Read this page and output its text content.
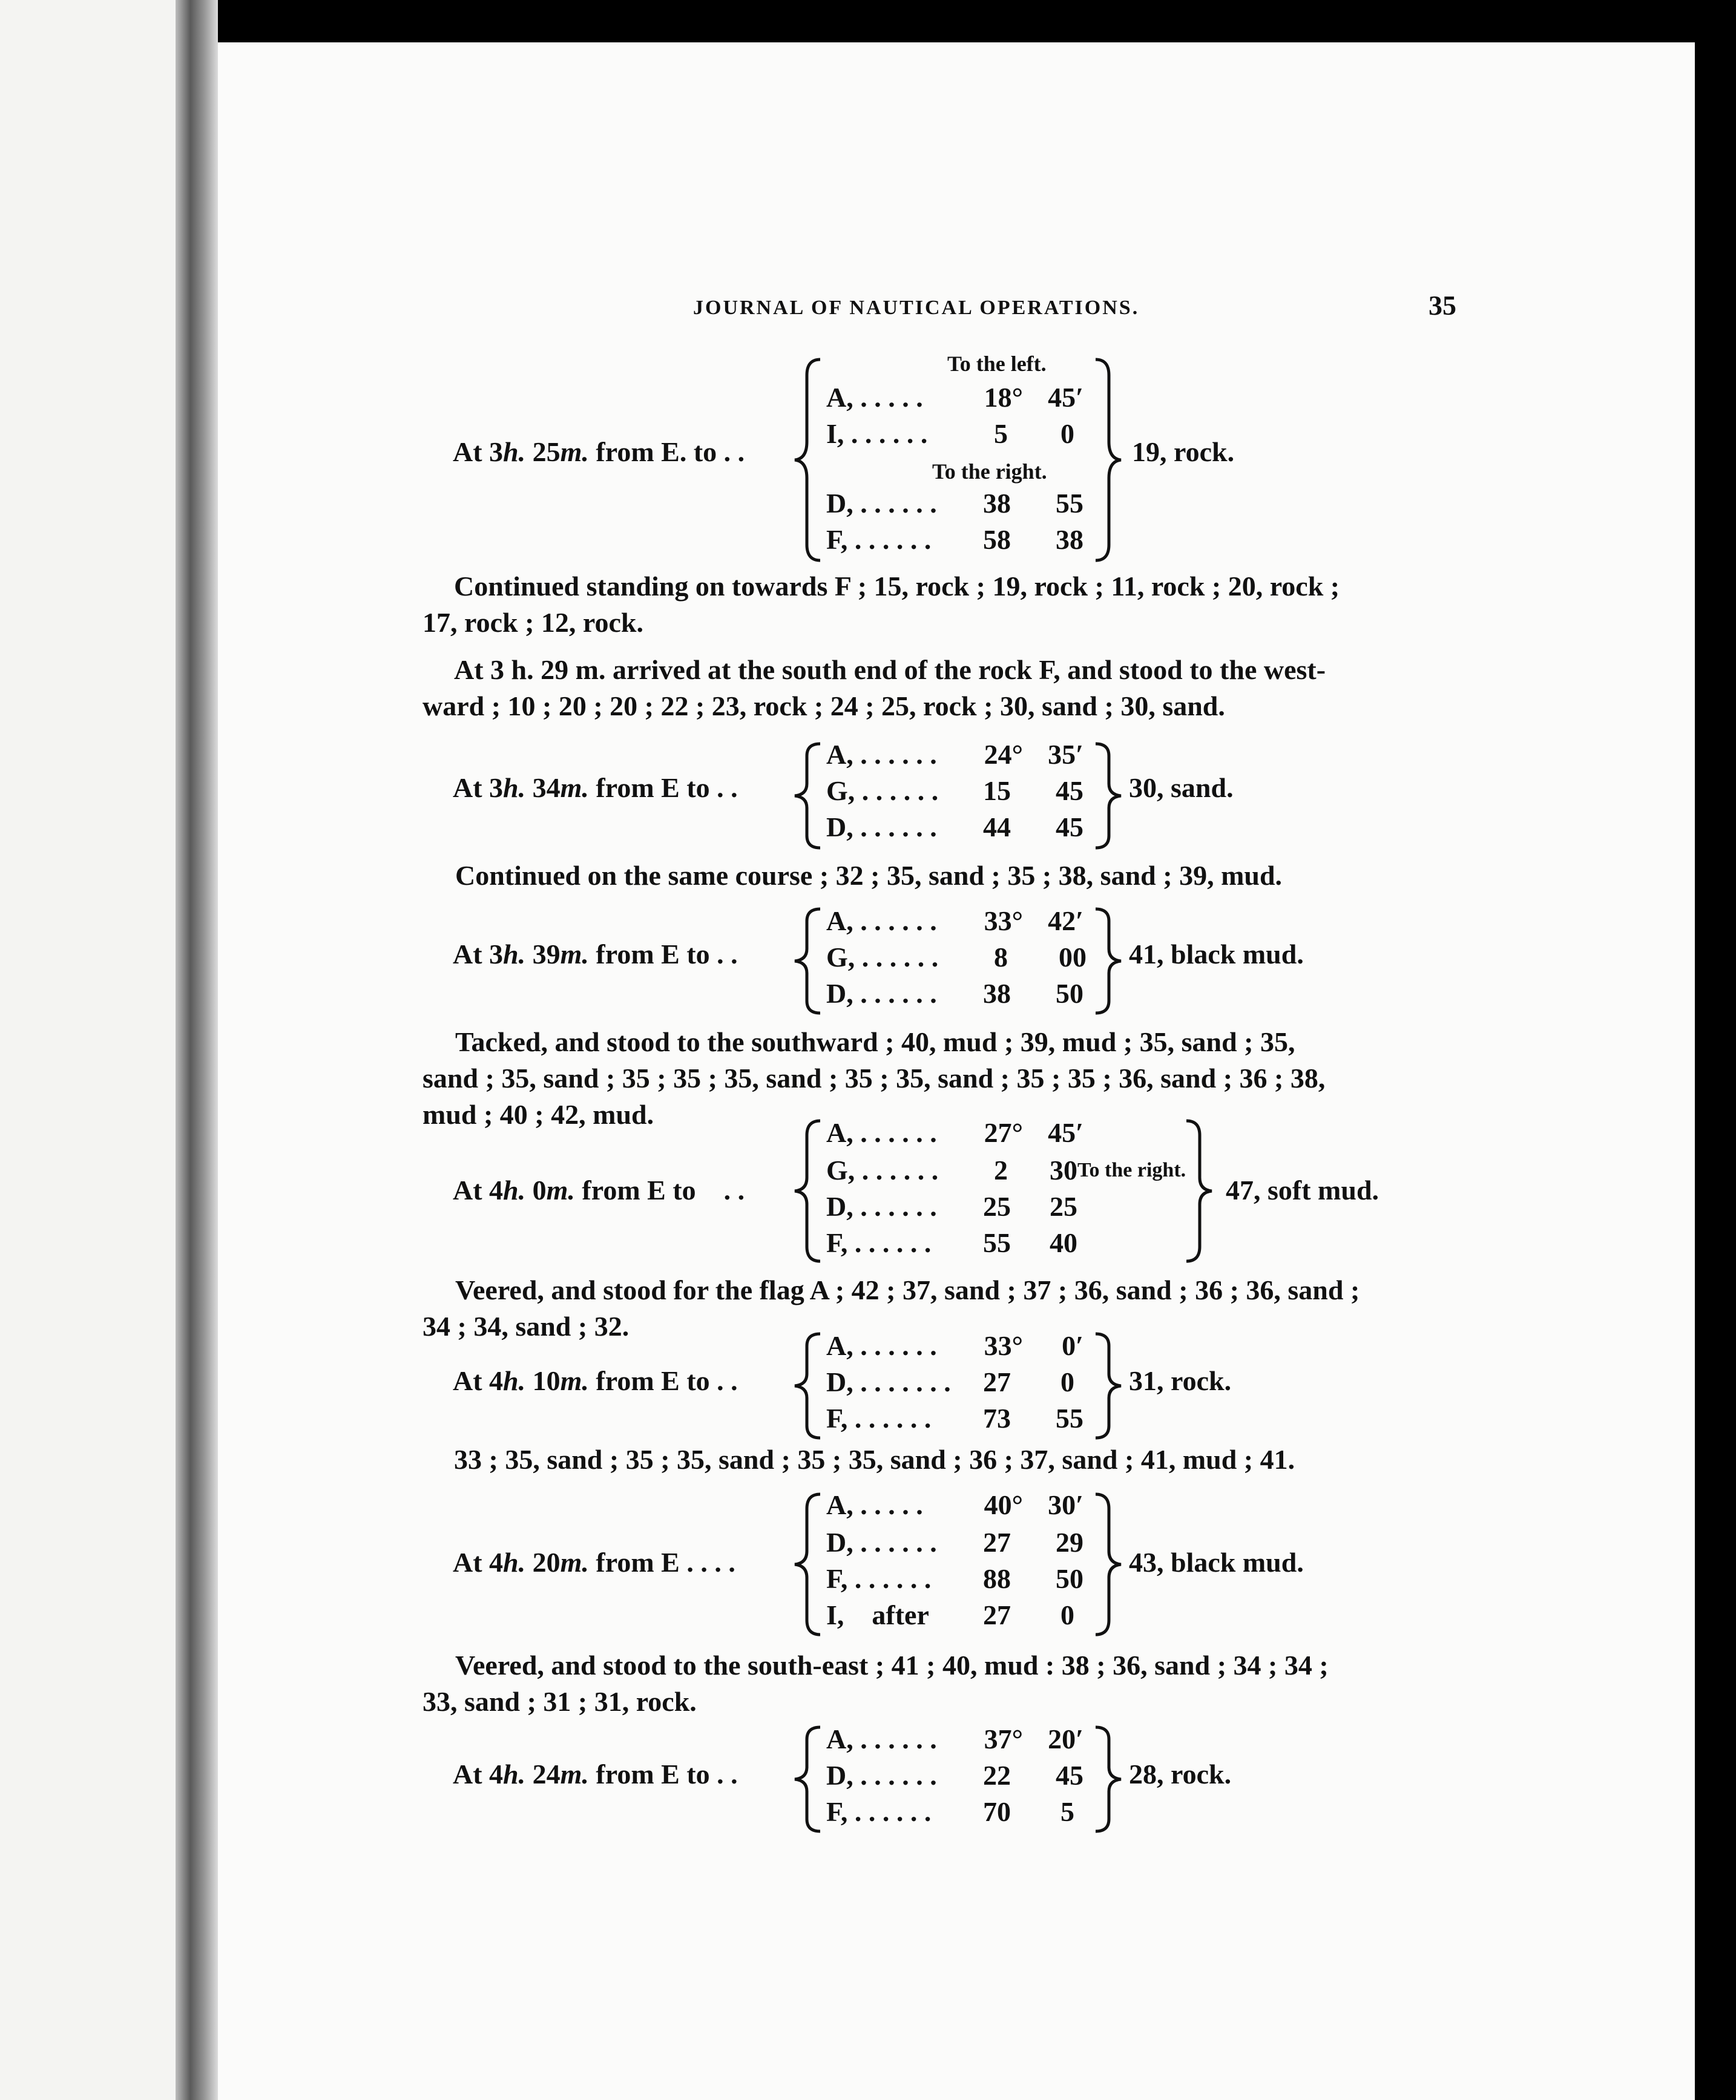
JOURNAL OF NAUTICAL OPERATIONS.	35
At 3h. 25m. from E. to . .
To the left.
A, . . . . .	18° 45′
I, . . . . . .	5	0
To the right.
D, . . . . . .	38	55
F, . . . . . .	58	38
19, rock.
Continued standing on towards F ; 15, rock ; 19, rock ; 11, rock ; 20, rock ;
17, rock ; 12, rock.
At 3 h. 29 m. arrived at the south end of the rock F, and stood to the west-
ward ; 10 ; 20 ; 20 ; 22 ; 23, rock ; 24 ; 25, rock ; 30, sand ; 30, sand.
At 3h. 34m. from E to . .
A, . . . . . .	24° 35′
G, . . . . . .	15	45
D, . . . . . .	44	45
30, sand.
Continued on the same course ; 32 ; 35, sand ; 35 ; 38, sand ; 39, mud.
At 3h. 39m. from E to . .
A, . . . . . .	33° 42′
G, . . . . . .	8	00
D, . . . . . .	38	50
41, black mud.
Tacked, and stood to the southward ; 40, mud ; 39, mud ; 35, sand ; 35,
sand ; 35, sand ; 35 ; 35 ; 35, sand ; 35 ; 35, sand ; 35 ; 35 ; 36, sand ; 36 ; 38,
mud ; 40 ; 42, mud.
At 4h. 0m. from E to    . .
A, . . . . . .	27° 45′
G, . . . . . .	2	30 To the right.
D, . . . . . .	25	25
F, . . . . . .	55	40
47, soft mud.
Veered, and stood for the flag A ; 42 ; 37, sand ; 37 ; 36, sand ; 36 ; 36, sand ;
34 ; 34, sand ; 32.
At 4h. 10m. from E to . .
A, . . . . . .	33°	0′
D, . . . . . . .	27	0
F, . . . . . .	73	55
31, rock.
33 ; 35, sand ; 35 ; 35, sand ; 35 ; 35, sand ; 36 ; 37, sand ; 41, mud ; 41.
At 4h. 20m. from E . . . .
A, . . . . .	40° 30′
D, . . . . . .	27	29
F, . . . . . .	88	50
I,    after	27	0
43, black mud.
Veered, and stood to the south-east ; 41 ; 40, mud : 38 ; 36, sand ; 34 ; 34 ;
33, sand ; 31 ; 31, rock.
At 4h. 24m. from E to . .
A, . . . . . .	37° 20′
D, . . . . . .	22	45
F, . . . . . .	70	5
28, rock.
